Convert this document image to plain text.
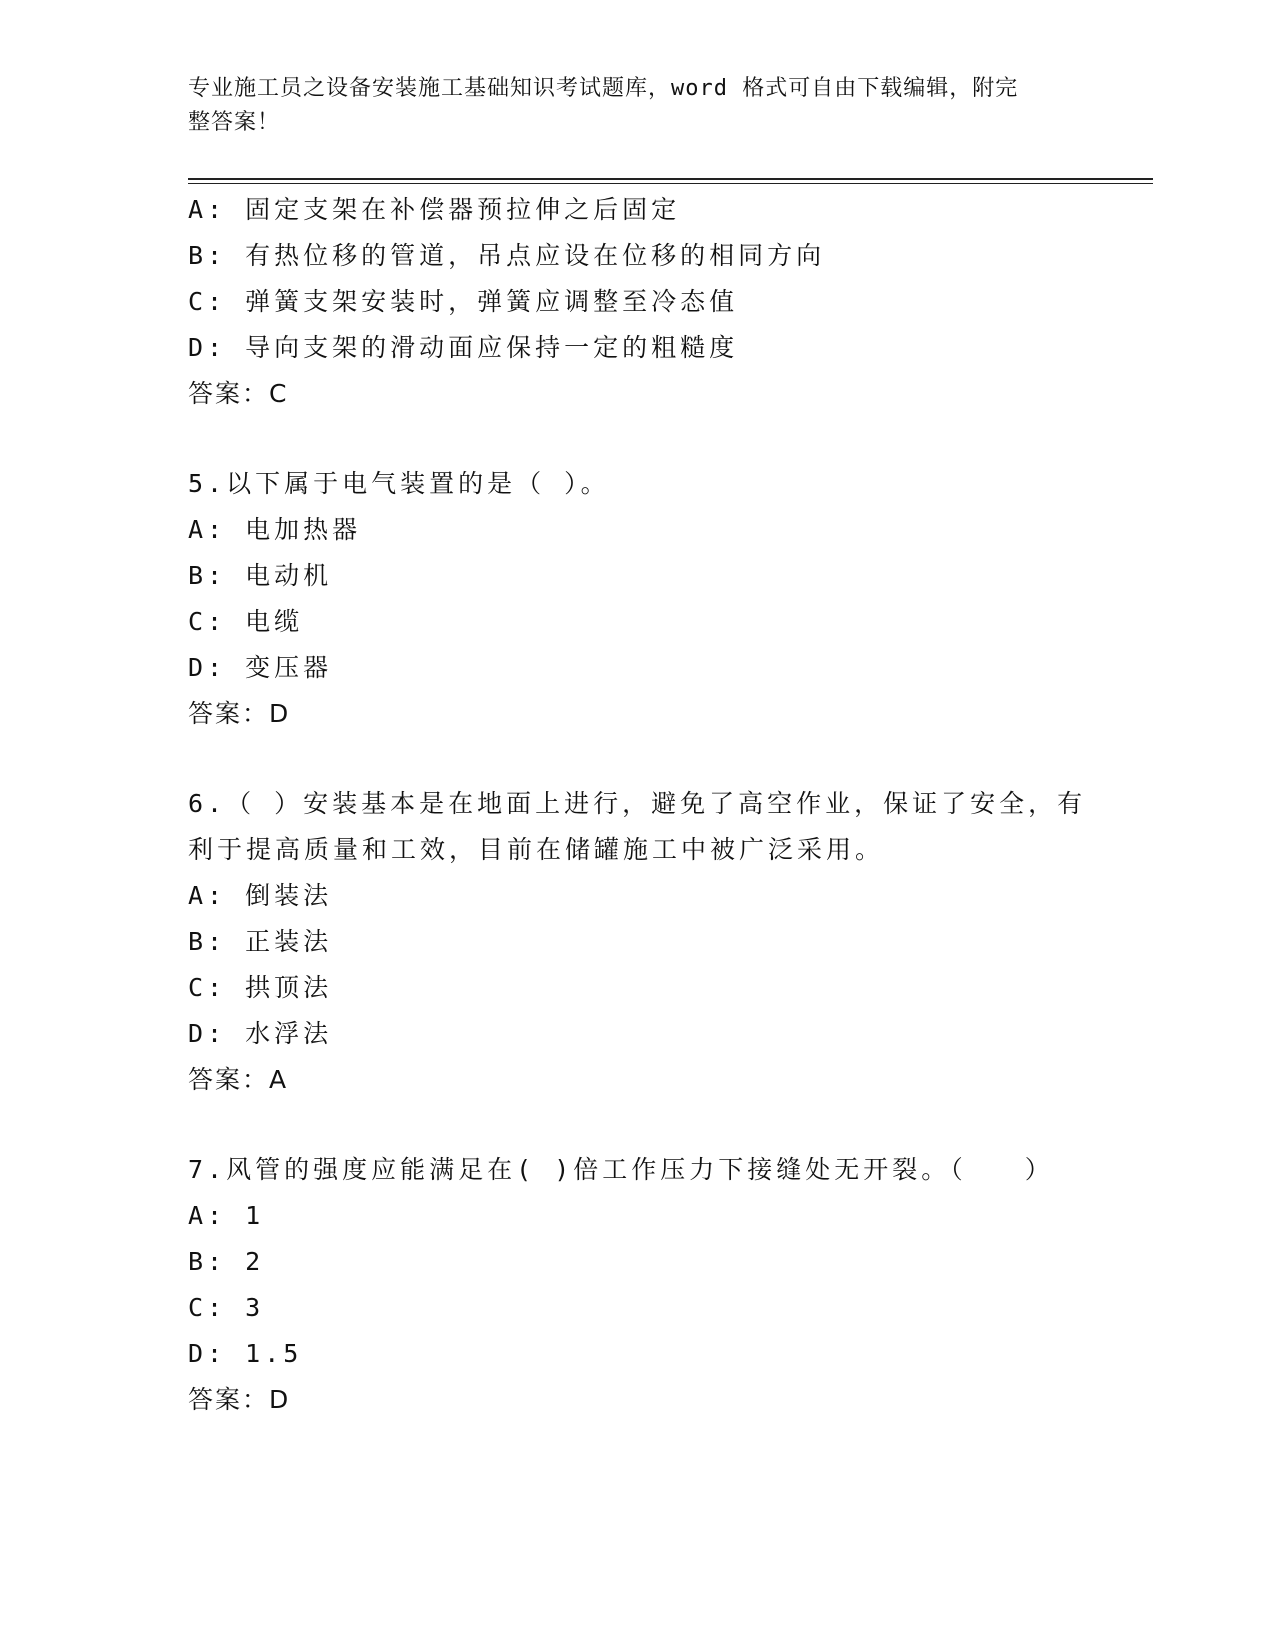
专业施工员之设备安装施工基础知识考试题库，word 格式可自由下载编辑，附完
整答案！
A: 固定支架在补偿器预拉伸之后固定
B: 有热位移的管道，吊点应设在位移的相同方向
C: 弹簧支架安装时，弹簧应调整至冷态值
D: 导向支架的滑动面应保持一定的粗糙度
答案：C
5.以下属于电气装置的是（ ）。
A: 电加热器
B: 电动机
C: 电缆
D: 变压器
答案：D
6.（ ）安装基本是在地面上进行，避免了高空作业，保证了安全，有
利于提高质量和工效，目前在储罐施工中被广泛采用。
A: 倒装法
B: 正装法
C: 拱顶法
D: 水浮法
答案：A
7.风管的强度应能满足在( )倍工作压力下接缝处无开裂。（　　）
A: 1
B: 2
C: 3
D: 1.5
答案：D
